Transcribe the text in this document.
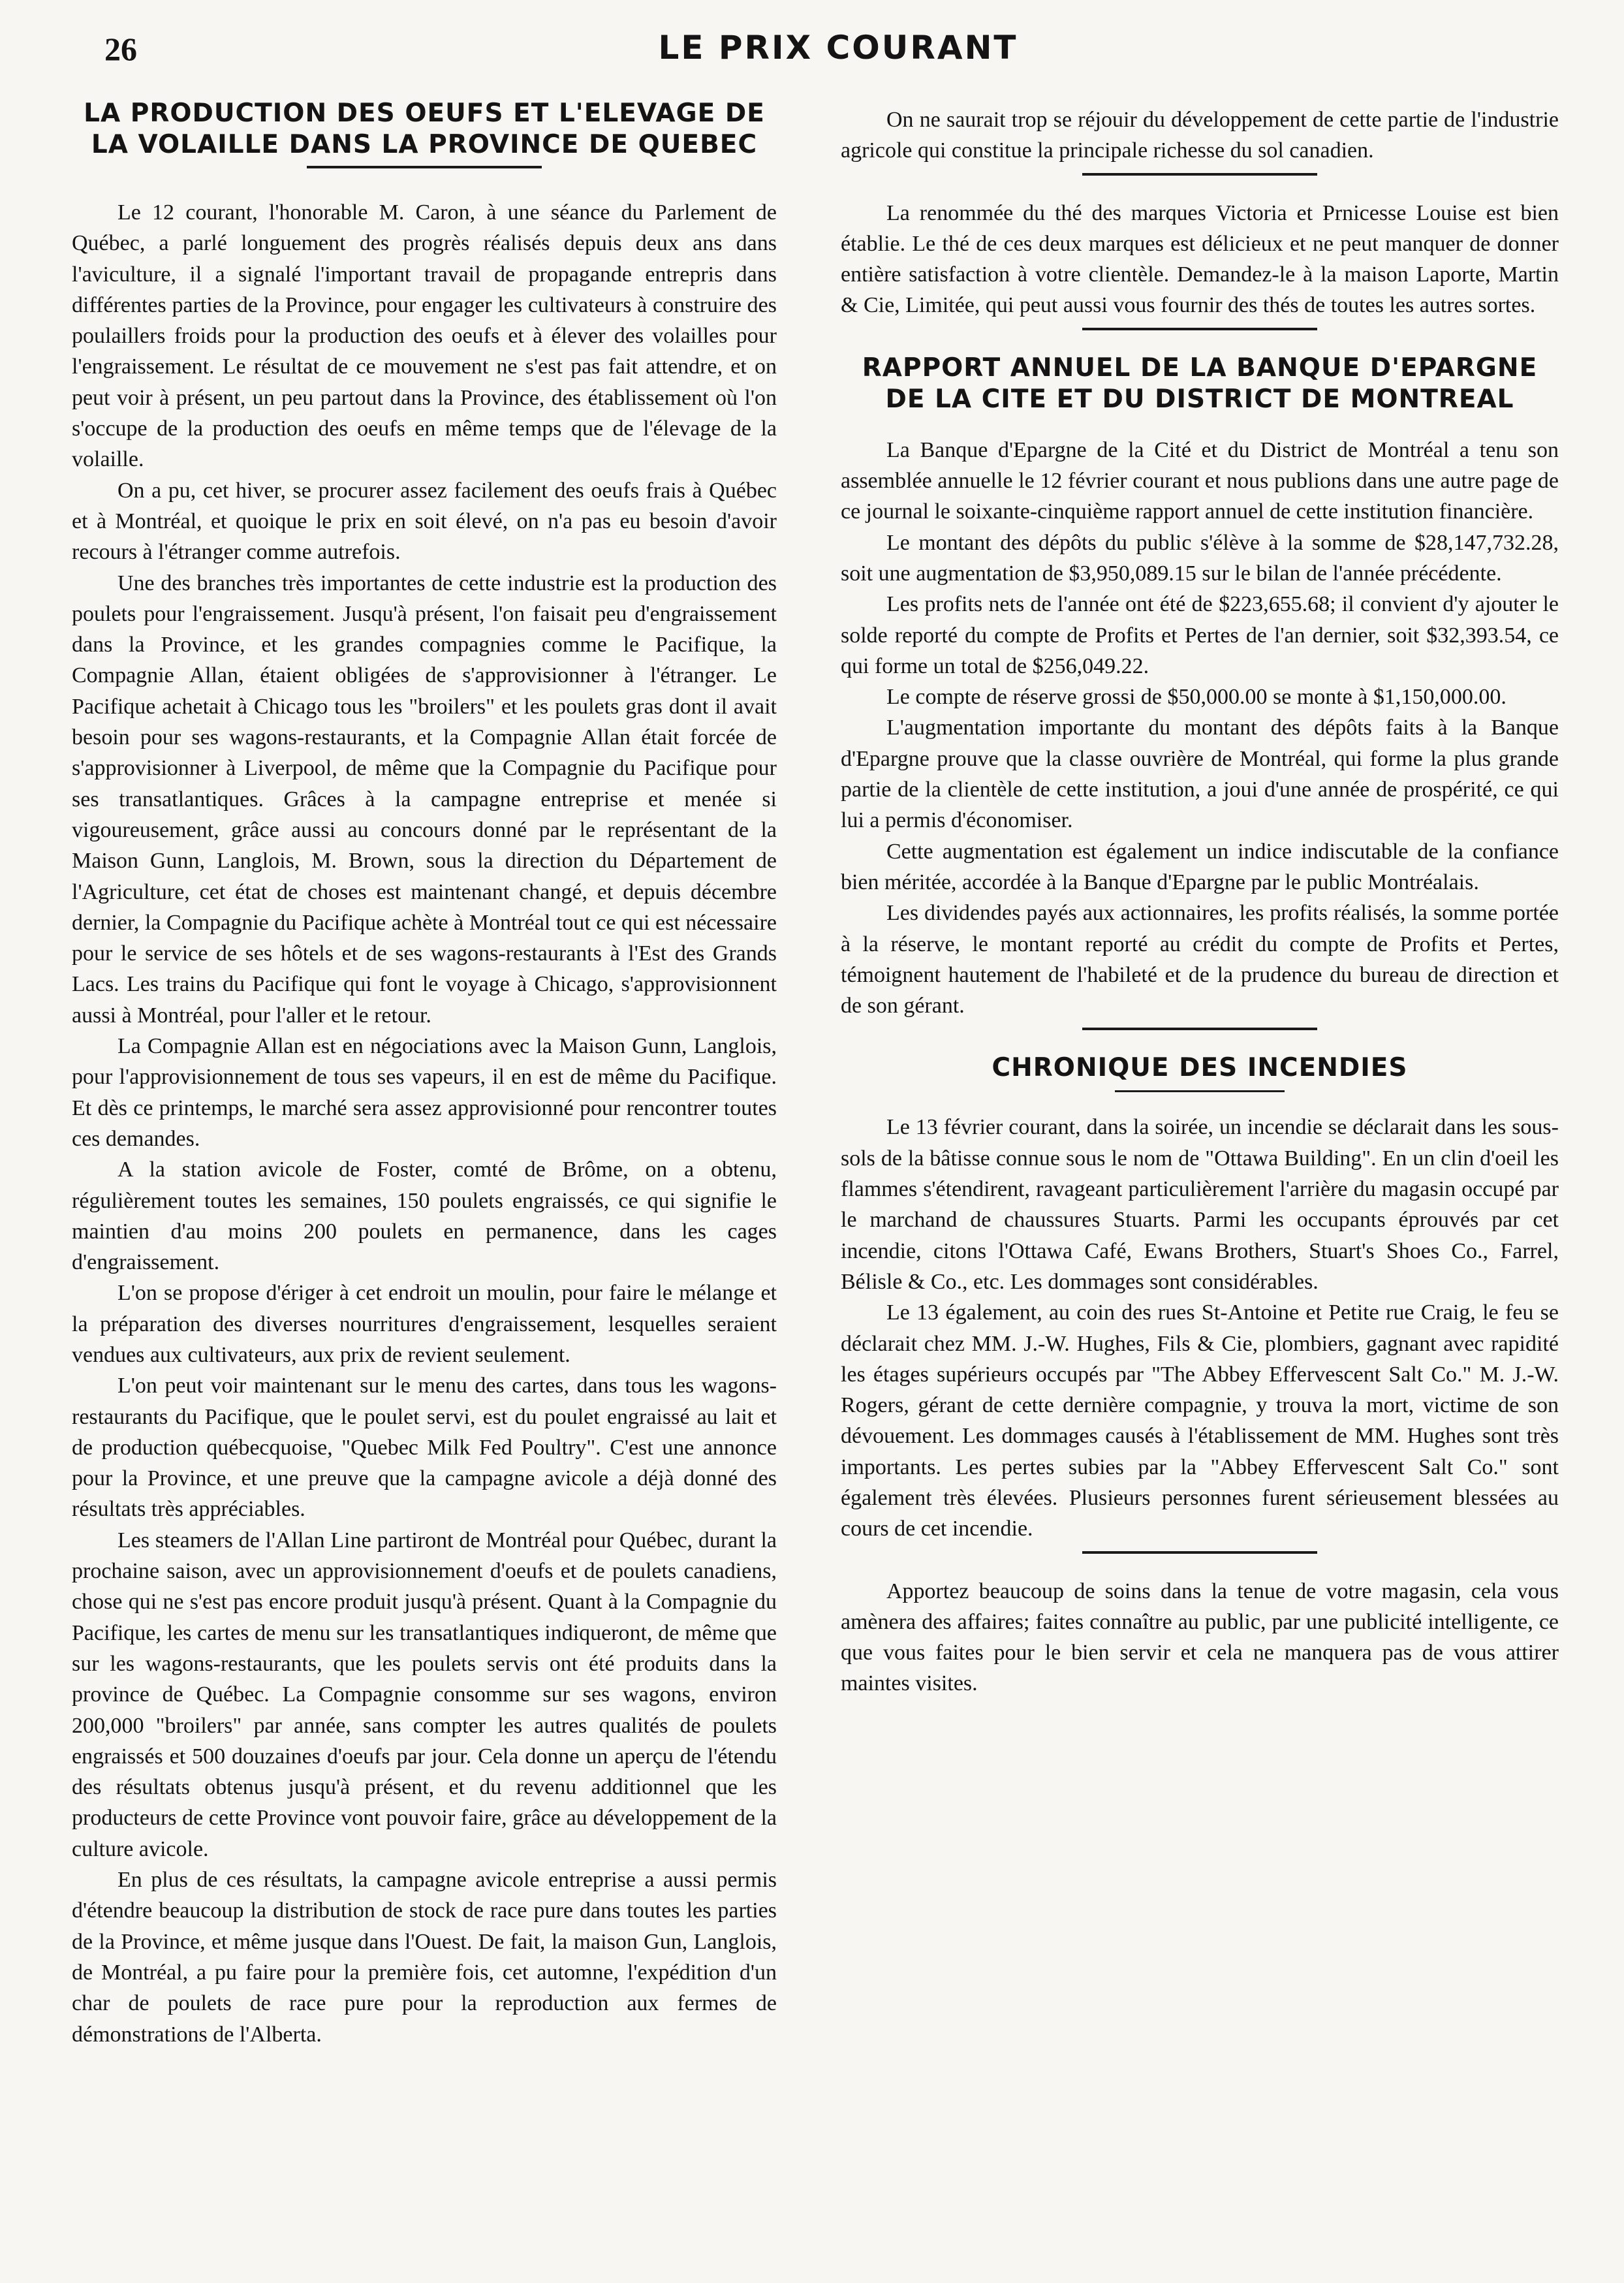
26	LE PRIX COURANT
LA PRODUCTION DES OEUFS ET L'ELEVAGE DE LA VOLAILLE DANS LA PROVINCE DE QUEBEC

Le 12 courant, l'honorable M. Caron, à une séance du Parlement de Québec, a parlé longuement des progrès réalisés depuis deux ans dans l'aviculture, il a signalé l'important travail de propagande entrepris dans différentes parties de la Province, pour engager les cultivateurs à construire des poulaillers froids pour la production des oeufs et à élever des volailles pour l'engraissement. Le résultat de ce mouvement ne s'est pas fait attendre, et on peut voir à présent, un peu partout dans la Province, des établissement où l'on s'occupe de la production des oeufs en même temps que de l'élevage de la volaille.

On a pu, cet hiver, se procurer assez facilement des oeufs frais à Québec et à Montréal, et quoique le prix en soit élevé, on n'a pas eu besoin d'avoir recours à l'étranger comme autrefois.

Une des branches très importantes de cette industrie est la production des poulets pour l'engraissement. Jusqu'à présent, l'on faisait peu d'engraissement dans la Province, et les grandes compagnies comme le Pacifique, la Compagnie Allan, étaient obligées de s'approvisionner à l'étranger. Le Pacifique achetait à Chicago tous les "broilers" et les poulets gras dont il avait besoin pour ses wagons-restaurants, et la Compagnie Allan était forcée de s'approvisionner à Liverpool, de même que la Compagnie du Pacifique pour ses transatlantiques. Grâces à la campagne entreprise et menée si vigoureusement, grâce aussi au concours donné par le représentant de la Maison Gunn, Langlois, M. Brown, sous la direction du Département de l'Agriculture, cet état de choses est maintenant changé, et depuis décembre dernier, la Compagnie du Pacifique achète à Montréal tout ce qui est nécessaire pour le service de ses hôtels et de ses wagons-restaurants à l'Est des Grands Lacs. Les trains du Pacifique qui font le voyage à Chicago, s'approvisionnent aussi à Montréal, pour l'aller et le retour.

La Compagnie Allan est en négociations avec la Maison Gunn, Langlois, pour l'approvisionnement de tous ses vapeurs, il en est de même du Pacifique. Et dès ce printemps, le marché sera assez approvisionné pour rencontrer toutes ces demandes.

A la station avicole de Foster, comté de Brôme, on a obtenu, régulièrement toutes les semaines, 150 poulets engraissés, ce qui signifie le maintien d'au moins 200 poulets en permanence, dans les cages d'engraissement.

L'on se propose d'ériger à cet endroit un moulin, pour faire le mélange et la préparation des diverses nourritures d'engraissement, lesquelles seraient vendues aux cultivateurs, aux prix de revient seulement.

L'on peut voir maintenant sur le menu des cartes, dans tous les wagons-restaurants du Pacifique, que le poulet servi, est du poulet engraissé au lait et de production québecquoise, "Quebec Milk Fed Poultry". C'est une annonce pour la Province, et une preuve que la campagne avicole a déjà donné des résultats très appréciables.

Les steamers de l'Allan Line partiront de Montréal pour Québec, durant la prochaine saison, avec un approvisionnement d'oeufs et de poulets canadiens, chose qui ne s'est pas encore produit jusqu'à présent. Quant à la Compagnie du Pacifique, les cartes de menu sur les transatlantiques indiqueront, de même que sur les wagons-restaurants, que les poulets servis ont été produits dans la province de Québec. La Compagnie consomme sur ses wagons, environ 200,000 "broilers" par année, sans compter les autres qualités de poulets engraissés et 500 douzaines d'oeufs par jour. Cela donne un aperçu de l'étendu des résultats obtenus jusqu'à présent, et du revenu additionnel que les producteurs de cette Province vont pouvoir faire, grâce au développement de la culture avicole.

En plus de ces résultats, la campagne avicole entreprise a aussi permis d'étendre beaucoup la distribution de stock de race pure dans toutes les parties de la Province, et même jusque dans l'Ouest. De fait, la maison Gun, Langlois, de Montréal, a pu faire pour la première fois, cet automne, l'expédition d'un char de poulets de race pure pour la reproduction aux fermes de démonstrations de l'Alberta.

On ne saurait trop se réjouir du développement de cette partie de l'industrie agricole qui constitue la principale richesse du sol canadien.

La renommée du thé des marques Victoria et Prnicesse Louise est bien établie. Le thé de ces deux marques est délicieux et ne peut manquer de donner entière satisfaction à votre clientèle. Demandez-le à la maison Laporte, Martin & Cie, Limitée, qui peut aussi vous fournir des thés de toutes les autres sortes.

RAPPORT ANNUEL DE LA BANQUE D'EPARGNE DE LA CITE ET DU DISTRICT DE MONTREAL

La Banque d'Epargne de la Cité et du District de Montréal a tenu son assemblée annuelle le 12 février courant et nous publions dans une autre page de ce journal le soixante-cinquième rapport annuel de cette institution financière.

Le montant des dépôts du public s'élève à la somme de $28,147,732.28, soit une augmentation de $3,950,089.15 sur le bilan de l'année précédente.

Les profits nets de l'année ont été de $223,655.68; il convient d'y ajouter le solde reporté du compte de Profits et Pertes de l'an dernier, soit $32,393.54, ce qui forme un total de $256,049.22.

Le compte de réserve grossi de $50,000.00 se monte à $1,150,000.00.

L'augmentation importante du montant des dépôts faits à la Banque d'Epargne prouve que la classe ouvrière de Montréal, qui forme la plus grande partie de la clientèle de cette institution, a joui d'une année de prospérité, ce qui lui a permis d'économiser.

Cette augmentation est également un indice indiscutable de la confiance bien méritée, accordée à la Banque d'Epargne par le public Montréalais.

Les dividendes payés aux actionnaires, les profits réalisés, la somme portée à la réserve, le montant reporté au crédit du compte de Profits et Pertes, témoignent hautement de l'habileté et de la prudence du bureau de direction et de son gérant.

CHRONIQUE DES INCENDIES

Le 13 février courant, dans la soirée, un incendie se déclarait dans les sous-sols de la bâtisse connue sous le nom de "Ottawa Building". En un clin d'oeil les flammes s'étendirent, ravageant particulièrement l'arrière du magasin occupé par le marchand de chaussures Stuarts. Parmi les occupants éprouvés par cet incendie, citons l'Ottawa Café, Ewans Brothers, Stuart's Shoes Co., Farrel, Bélisle & Co., etc. Les dommages sont considérables.

Le 13 également, au coin des rues St-Antoine et Petite rue Craig, le feu se déclarait chez MM. J.-W. Hughes, Fils & Cie, plombiers, gagnant avec rapidité les étages supérieurs occupés par "The Abbey Effervescent Salt Co." M. J.-W. Rogers, gérant de cette dernière compagnie, y trouva la mort, victime de son dévouement. Les dommages causés à l'établissement de MM. Hughes sont très importants. Les pertes subies par la "Abbey Effervescent Salt Co." sont également très élevées. Plusieurs personnes furent sérieusement blessées au cours de cet incendie.

Apportez beaucoup de soins dans la tenue de votre magasin, cela vous amènera des affaires; faites connaître au public, par une publicité intelligente, ce que vous faites pour le bien servir et cela ne manquera pas de vous attirer maintes visites.
